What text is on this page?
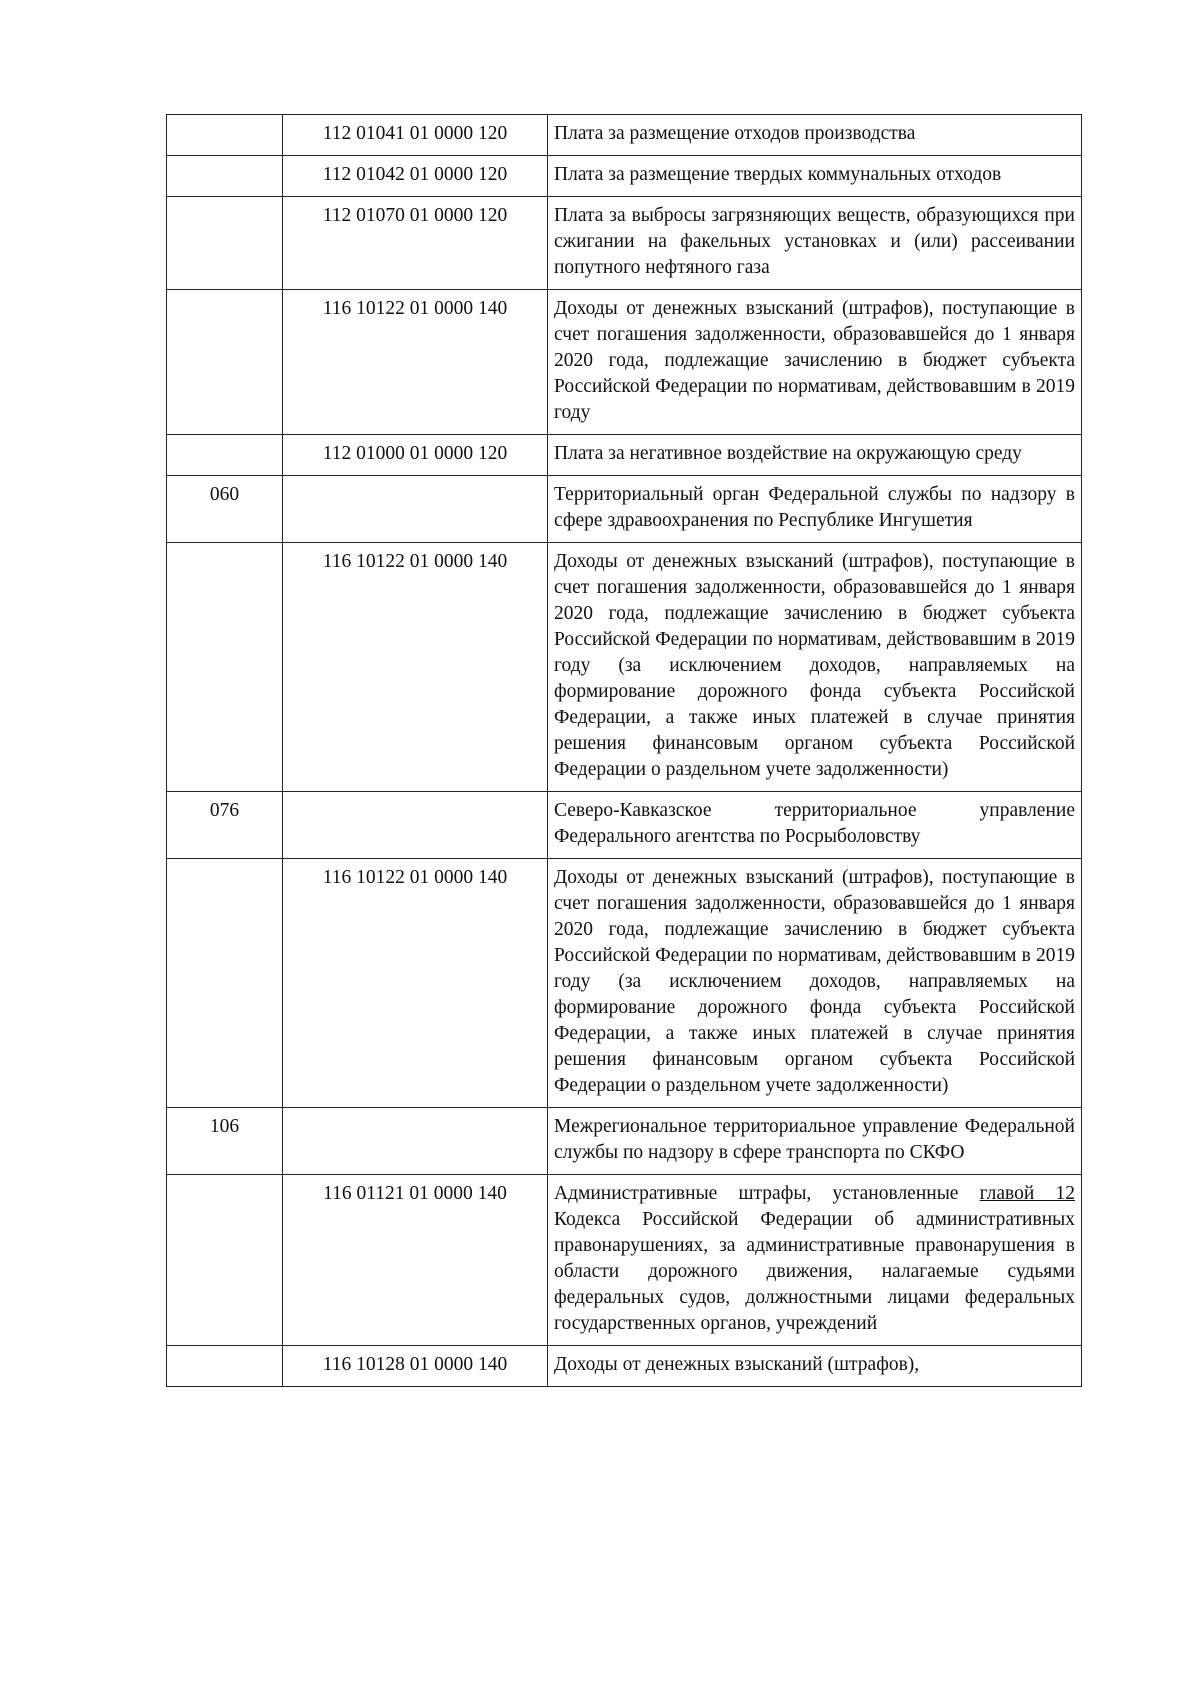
	112 01041 01 0000 120	Плата за размещение отходов производства
	112 01042 01 0000 120	Плата за размещение твердых коммунальных отходов
	112 01070 01 0000 120	Плата за выбросы загрязняющих веществ, образующихся при сжигании на факельных установках и (или) рассеивании попутного нефтяного газа
	116 10122 01 0000 140	Доходы от денежных взысканий (штрафов), поступающие в счет погашения задолженности, образовавшейся до 1 января 2020 года, подлежащие зачислению в бюджет субъекта Российской Федерации по нормативам, действовавшим в 2019 году
	112 01000 01 0000 120	Плата за негативное воздействие на окружающую среду
060		Территориальный орган Федеральной службы по надзору в сфере здравоохранения по Республике Ингушетия
	116 10122 01 0000 140	Доходы от денежных взысканий (штрафов), поступающие в счет погашения задолженности, образовавшейся до 1 января 2020 года, подлежащие зачислению в бюджет субъекта Российской Федерации по нормативам, действовавшим в 2019 году (за исключением доходов, направляемых на формирование дорожного фонда субъекта Российской Федерации, а также иных платежей в случае принятия решения финансовым органом субъекта Российской Федерации о раздельном учете задолженности)
076		Северо-Кавказское территориальное управление Федерального агентства по Росрыболовству
	116 10122 01 0000 140	Доходы от денежных взысканий (штрафов), поступающие в счет погашения задолженности, образовавшейся до 1 января 2020 года, подлежащие зачислению в бюджет субъекта Российской Федерации по нормативам, действовавшим в 2019 году (за исключением доходов, направляемых на формирование дорожного фонда субъекта Российской Федерации, а также иных платежей в случае принятия решения финансовым органом субъекта Российской Федерации о раздельном учете задолженности)
106		Межрегиональное территориальное управление Федеральной службы по надзору в сфере транспорта по СКФО
	116 01121 01 0000 140	Административные штрафы, установленные главой 12 Кодекса Российской Федерации об административных правонарушениях, за административные правонарушения в области дорожного движения, налагаемые судьями федеральных судов, должностными лицами федеральных государственных органов, учреждений
	116 10128 01 0000 140	Доходы от денежных взысканий (штрафов),
